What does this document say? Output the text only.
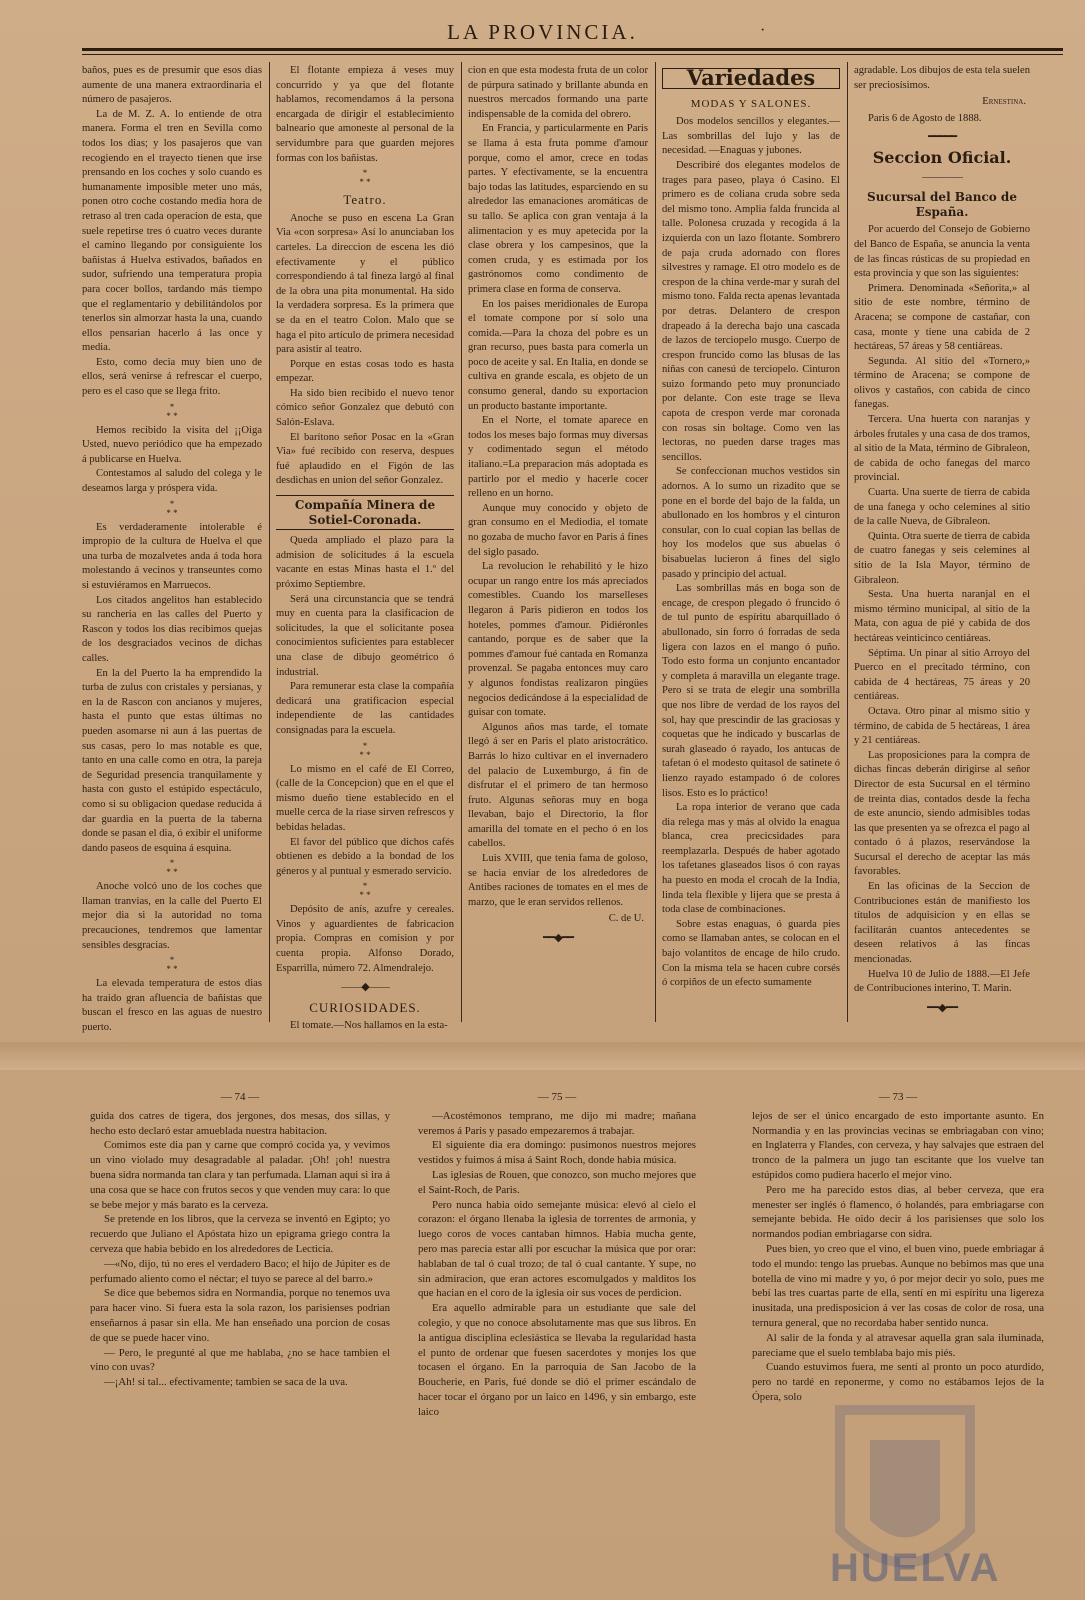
LA PROVINCIA.	·

baños, pues es de presumir que esos dias aumente de una manera extraordinaria el número de pasajeros.

La de M. Z. A. lo entiende de otra manera. Forma el tren en Sevilla como todos los dias; y los pasajeros que van recogiendo en el trayecto tienen que irse prensando en los coches y solo cuando es humanamente imposible meter uno más, ponen otro coche costando media hora de retraso al tren cada operacion de esta, que suele repetirse tres ó cuatro veces durante el camino llegando por consiguiente los bañistas á Huelva estivados, bañados en sudor, sufriendo una temperatura propia para cocer bollos, tardando más tiempo que el reglamentario y debilitándolos por tenerlos sin almorzar hasta la una, cuando ellos pensarian hacerlo á las once y media.

Esto, como decia muy bien uno de ellos, será venirse á refrescar el cuerpo, pero es el caso que se llega frito.

*
* *

Hemos recibido la visita del ¡¡Oiga Usted, nuevo periódico que ha empezado á publicarse en Huelva.

Contestamos al saludo del colega y le deseamos larga y próspera vida.

*
* *

Es verdaderamente intolerable é impropio de la cultura de Huelva el que una turba de mozalvetes anda á toda hora molestando á vecinos y transeuntes como si estuviéramos en Marruecos.

Los citados angelitos han establecido su rancheria en las calles del Puerto y Rascon y todos los dias recibimos quejas de los desgraciados vecinos de dichas calles.

En la del Puerto la ha emprendido la turba de zulus con cristales y persianas, y en la de Rascon con ancianos y mujeres, hasta el punto que estas últimas no pueden asomarse ni aun á las puertas de sus casas, pero lo mas notable es que, tanto en una calle como en otra, la pareja de Seguridad presencia tranquilamente y hasta con gusto el estúpido espectáculo, como si su obligacion quedase reducida á dar guardia en la puerta de la taberna donde se pasan el dia, ó exibir el uniforme dando paseos de esquina á esquina.

*
* *

Anoche volcó uno de los coches que llaman tranvias, en la calle del Puerto El mejor dia si la autoridad no toma precauciones, tendremos que lamentar sensibles desgracias.

*
* *

La elevada temperatura de estos dias ha traido gran afluencia de bañistas que buscan el fresco en las aguas de nuestro puerto.

El flotante empieza á veses muy concurrido y ya que del flotante hablamos, recomendamos á la persona encargada de dirigir el establecimiento balneario que amoneste al personal de la servidumbre para que guarden mejores formas con los bañistas.

*
* *
Teatro.

Anoche se puso en escena La Gran Via «con sorpresa» Así lo anunciaban los carteles. La direccion de escena les dió efectivamente y el público correspondiendo á tal fineza largó al final de la obra una pita monumental. Ha sido la verdadera sorpresa. Es la primera que se da en el teatro Colon. Malo que se haga el pito artículo de primera necesidad para asistir al teatro.

Porque en estas cosas todo es hasta empezar.

Ha sido bien recibido el nuevo tenor cómico señor Gonzalez que debutó con Salón-Eslava.

El barítono señor Posac en la «Gran Via» fué recibido con reserva, despues fué aplaudido en el Figón de las desdichas en union del señor Gonzalez.

Compañía Minera de Sotiel-Coronada.

Queda ampliado el plazo para la admision de solicitudes á la escuela vacante en estas Minas hasta el 1.º del próximo Septiembre.

Será una circunstancia que se tendrá muy en cuenta para la clasificacion de solicitudes, la que el solicitante posea conocimientos suficientes para establecer una clase de dibujo geométrico ó industrial.

Para remunerar esta clase la compañía dedicará una gratificacion especial independiente de las cantidades consignadas para la escuela.

*
* *

Lo mismo en el café de El Correo, (calle de la Concepcion) que en el que el mismo dueño tiene establecido en el muelle cerca de la riase sirven refrescos y bebidas heladas.

El favor del público que dichos cafés obtienen es debido a la bondad de los géneros y al puntual y esmerado servicio.

*
* *

Depósito de anís, azufre y cereales. Vinos y aguardientes de fabricacion propia. Compras en comision y por cuenta propia. Alfonso Dorado, Esparrilla, número 72. Almendralejo.

——◆——
CURIOSIDADES.

El tomate.—Nos hallamos en la esta-

cion en que esta modesta fruta de un color de púrpura satinado y brillante abunda en nuestros mercados formando una parte indispensable de la comida del obrero.

En Francia, y particularmente en Paris se llama á esta fruta pomme d'amour porque, como el amor, crece en todas partes. Y efectivamente, se la encuentra bajo todas las latitudes, esparciendo en su alrededor las emanaciones aromáticas de su tallo. Se aplica con gran ventaja á la alimentacion y es muy apetecida por la clase obrera y los campesinos, que la comen cruda, y es estimada por los gastrónomos como condimento de primera clase en forma de conserva.

En los paises meridionales de Europa el tomate compone por sí solo una comida.—Para la choza del pobre es un gran recurso, pues basta para comerla un poco de aceite y sal. En Italia, en donde se cultiva en grande escala, es objeto de un consumo general, dando su exportacion un producto bastante importante.

En el Norte, el tomate aparece en todos los meses bajo formas muy diversas y codimentado segun el método italiano.=La preparacion más adoptada es partirlo por el medio y hacerle cocer relleno en un horno.

Aunque muy conocido y objeto de gran consumo en el Mediodia, el tomate no gozaba de mucho favor en Paris á fines del siglo pasado.

La revolucion le rehabilitó y le hizo ocupar un rango entre los más apreciados comestibles. Cuando los marselleses llegaron á Paris pidieron en todos los hoteles, pommes d'amour. Pidiéronles cantando, porque es de saber que la pommes d'amour fué cantada en Romanza provenzal. Se pagaba entonces muy caro y algunos fondistas realizaron pingües negocios dedicándose á la especialidad de guisar con tomate.

Algunos años mas tarde, el tomate llegó á ser en Paris el plato aristocrático. Barrás lo hizo cultivar en el invernadero del palacio de Luxemburgo, á fin de disfrutar el el primero de tan hermoso fruto. Algunas señoras muy en boga llevaban, bajo el Directorio, la flor amarilla del tomate en el pecho ó en los cabellos.

Luis XVIII, que tenia fama de goloso, se hacia enviar de los alrededores de Antibes raciones de tomates en el mes de marzo, que le eran servidos rellenos.

C. de U.
━━◆━━
Variedades
MODAS Y SALONES.

Dos modelos sencillos y elegantes.—Las sombrillas del lujo y las de necesidad. —Enaguas y jubones.

Describiré dos elegantes modelos de trages para paseo, playa ó Casino. El primero es de coliana cruda sobre seda del mismo tono. Amplia falda fruncida al talle. Polonesa cruzada y recogida á la izquierda con un lazo flotante. Sombrero de paja cruda adornado con flores silvestres y ramage. El otro modelo es de crespon de la china verde-mar y surah del mismo tono. Falda recta apenas levantada por detras. Delantero de crespon drapeado á la derecha bajo una cascada de lazos de terciopelo musgo. Cuerpo de crespon fruncido como las blusas de las niñas con canesú de terciopelo. Cinturon suizo formando peto muy pronunciado por delante. Con este trage se lleva capota de crespon verde mar coronada con rosas sin boltage. Como ven las lectoras, no pueden darse trages mas sencillos.

Se confeccionan muchos vestidos sin adornos. A lo sumo un rizadito que se pone en el borde del bajo de la falda, un abullonado en los hombros y el cinturon consular, con lo cual copian las bellas de hoy los modelos que sus abuelas ó bisabuelas lucieron á fines del siglo pasado y principio del actual.

Las sombrillas más en boga son de encage, de crespon plegado ó fruncido ó de tul punto de espíritu abarquillado ó abullonado, sin forro ó forradas de seda ligera con lazos en el mango ó puño. Todo esto forma un conjunto encantador y completa á maravilla un elegante trage. Pero si se trata de elegir una sombrilla que nos libre de verdad de los rayos del sol, hay que prescindir de las graciosas y coquetas que he indicado y buscarlas de surah glaseado ó rayado, los antucas de tafetan ó el modesto quitasol de satinete ó lienzo rayado estampado ó de colores lisos. Esto es lo práctico!

La ropa interior de verano que cada dia relega mas y más al olvido la enagua blanca, crea precicsidades para reemplazarla. Después de haber agotado los tafetanes glaseados lisos ó con rayas ha puesto en moda el crocah de la India, linda tela flexible y lijera que se presta á toda clase de combinaciones.

Sobre estas enaguas, ó guarda pies como se llamaban antes, se colocan en el bajo volantitos de encage de hilo crudo. Con la misma tela se hacen cubre corsés ó corpiños de un efecto sumamente

agradable. Los dibujos de esta tela suelen ser preciosísimos.

Ernestina.

Paris 6 de Agosto de 1888.

━━━━━
Seccion Oficial.
————
Sucursal del Banco de España.

Por acuerdo del Consejo de Gobierno del Banco de España, se anuncia la venta de las fincas rústicas de su propiedad en esta provincia y que son las siguientes:

Primera. Denominada «Señorita,» al sitio de este nombre, término de Aracena; se compone de castañar, con casa, monte y tiene una cabida de 2 hectáreas, 57 áreas y 58 centiáreas.

Segunda. Al sitio del «Tornero,» término de Aracena; se compone de olivos y castaños, con cabida de cinco fanegas.

Tercera. Una huerta con naranjas y árboles frutales y una casa de dos tramos, al sitio de la Mata, término de Gibraleon, de cabida de ocho fanegas del marco provincial.

Cuarta. Una suerte de tierra de cabida de una fanega y ocho celemines al sitio de la calle Nueva, de Gibraleon.

Quinta. Otra suerte de tierra de cabida de cuatro fanegas y seis celemines al sitio de la Isla Mayor, término de Gibraleon.

Sesta. Una huerta naranjal en el mismo término municipal, al sitio de la Mata, con agua de pié y cabida de dos hectáreas veinticinco centiáreas.

Séptima. Un pinar al sitio Arroyo del Puerco en el precitado término, con cabida de 4 hectáreas, 75 áreas y 20 centiáreas.

Octava. Otro pinar al mismo sitio y término, de cabida de 5 hectáreas, 1 área y 21 centiáreas.

Las proposiciones para la compra de dichas fincas deberán dirigirse al señor Director de esta Sucursal en el término de treinta dias, contados desde la fecha de este anuncio, siendo admisibles todas las que presenten ya se ofrezca el pago al contado ó á plazos, reservándose la Sucursal el derecho de aceptar las más favorables.

En las oficinas de la Seccion de Contribuciones están de manifiesto los títulos de adquisicion y en ellas se facilitarán cuantos antecedentes se deseen relativos á las fincas mencionadas.

Huelva 10 de Julio de 1888.—El Jefe de Contribuciones interino, T. Marin.

━━◆━━
— 74 —

guida dos catres de tigera, dos jergones, dos mesas, dos sillas, y hecho esto declaró estar amueblada nuestra habitacion.

Comimos este dia pan y carne que compró cocida ya, y vevimos un vino violado muy desagradable al paladar. ¡Oh! ¡oh! nuestra buena sidra normanda tan clara y tan perfumada. Llaman aqui si ira á una cosa que se hace con frutos secos y que venden muy cara: lo que se bebe mejor y más barato es la cerveza.

Se pretende en los libros, que la cerveza se inventó en Egipto; yo recuerdo que Juliano el Apóstata hizo un epigrama griego contra la cerveza que habia bebido en los alrededores de Lecticia.

—«No, dijo, tú no eres el verdadero Baco; el hijo de Júpiter es de perfumado aliento como el néctar; el tuyo se parece al del barro.»

Se dice que bebemos sidra en Normandia, porque no tenemos uva para hacer vino. Si fuera esta la sola razon, los parisienses podrian enseñarnos á pasar sin ella. Me han enseñado una porcion de cosas de que se puede hacer vino.

— Pero, le pregunté al que me hablaba, ¿no se hace tambien el vino con uvas?

—¡Ah! si tal... efectivamente; tambien se saca de la uva.

— 75 —

—Acostémonos temprano, me dijo mi madre; mañana veremos á Paris y pasado empezaremos á trabajar.

El siguiente dia era domingo: pusimonos nuestros mejores vestidos y fuimos á misa á Saint Roch, donde habia música.

Las iglesias de Rouen, que conozco, son mucho mejores que el Saint-Roch, de Paris.

Pero nunca habia oido semejante música: elevó al cielo el corazon: el órgano llenaba la iglesia de torrentes de armonia, y luego coros de voces cantaban himnos. Habia mucha gente, pero mas parecia estar allí por escuchar la música que por orar: hablaban de tal ó cual trozo; de tal ó cual cantante. Y supe, no sin admiracion, que eran actores escomulgados y malditos los que hacian en el coro de la iglesia oir sus voces de perdicion.

Era aquello admirable para un estudiante que sale del colegio, y que no conoce absolutamente mas que sus libros. En la antigua disciplina eclesiástica se llevaba la regularidad hasta el punto de ordenar que fuesen sacerdotes y monjes los que tocasen el órgano. En la parroquia de San Jacobo de la Boucherie, en Paris, fué donde se dió el primer escándalo de hacer tocar el órgano por un laico en 1496, y sin embargo, este laico

— 73 —

lejos de ser el único encargado de esto importante asunto. En Normandia y en las provincias vecinas se embriagaban con vino; en Inglaterra y Flandes, con cerveza, y hay salvajes que estraen del tronco de la palmera un jugo tan escitante que los vuelve tan estúpidos como pudiera hacerlo el mejor vino.

Pero me ha parecido estos dias, al beber cerveza, que era menester ser inglés ó flamenco, ó holandés, para embriagarse con semejante bebida. He oido decir á los parisienses que solo los normandos podian embriagarse con sidra.

Pues bien, yo creo que el vino, el buen vino, puede embriagar á todo el mundo: tengo las pruebas. Aunque no bebimos mas que una botella de vino mi madre y yo, ó por mejor decir yo solo, pues me bebí las tres cuartas parte de ella, sentí en mi espíritu una ligereza inusitada, una predisposicion á ver las cosas de color de rosa, una ternura general, que no recordaba haber sentido nunca.

Al salir de la fonda y al atravesar aquella gran sala iluminada, pareciame que el suelo temblaba bajo mis piés.

Cuando estuvimos fuera, me sentí al pronto un poco aturdido, pero no tardé en reponerme, y como no estábamos lejos de la Ópera, solo

HUELVA
